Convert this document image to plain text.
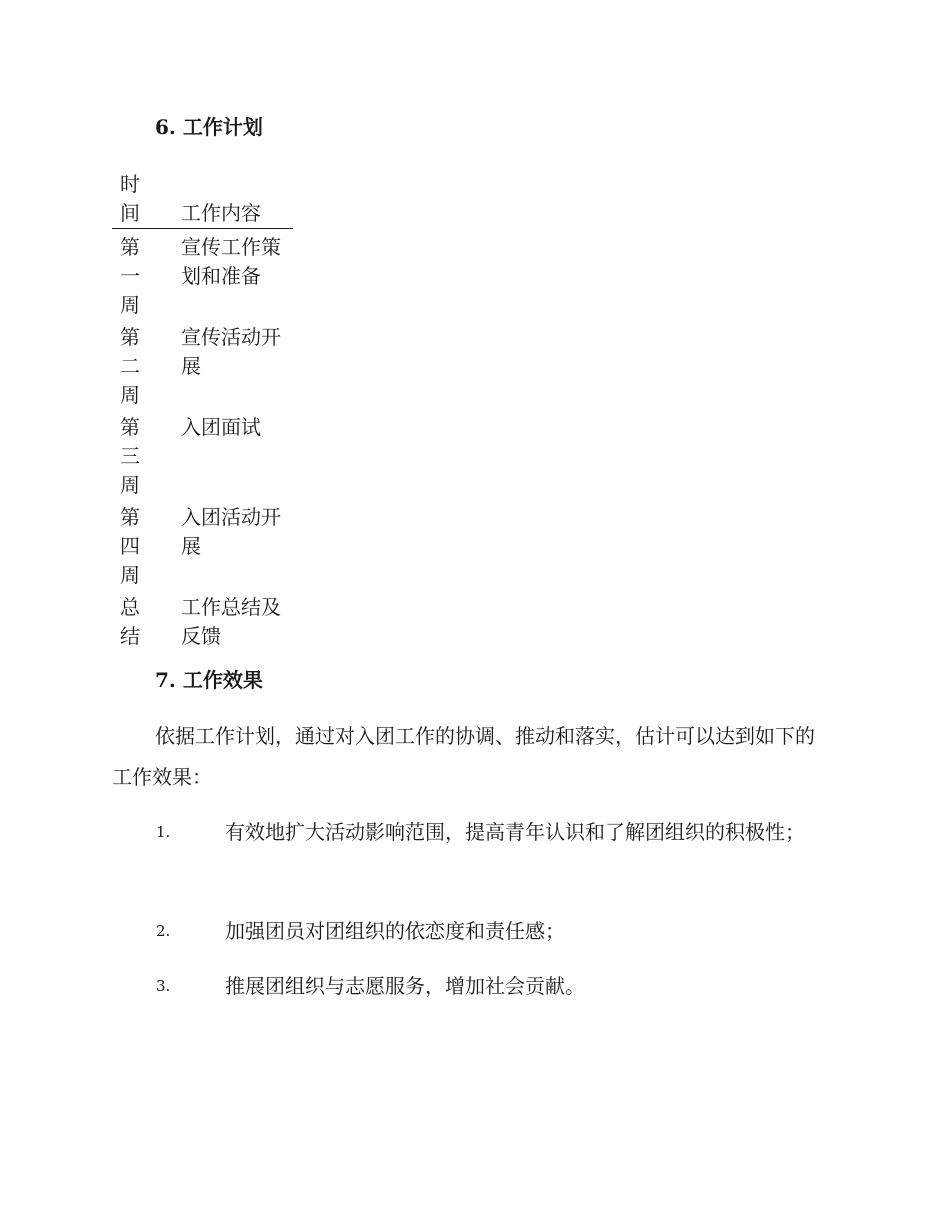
6. 工作计划
时间	工作内容

第一周	宣传工作策划和准备

第二周	宣传活动开展

第三周	入团面试

第四周	入团活动开展

总结	工作总结及反馈
7. 工作效果

依据工作计划，通过对入团工作的协调、推动和落实，估计可以达到如下的工作效果：

1.	有效地扩大活动影响范围，提高青年认识和了解团组织的积极性；
2.	加强团员对团组织的依恋度和责任感；
3.	推展团组织与志愿服务，增加社会贡献。
